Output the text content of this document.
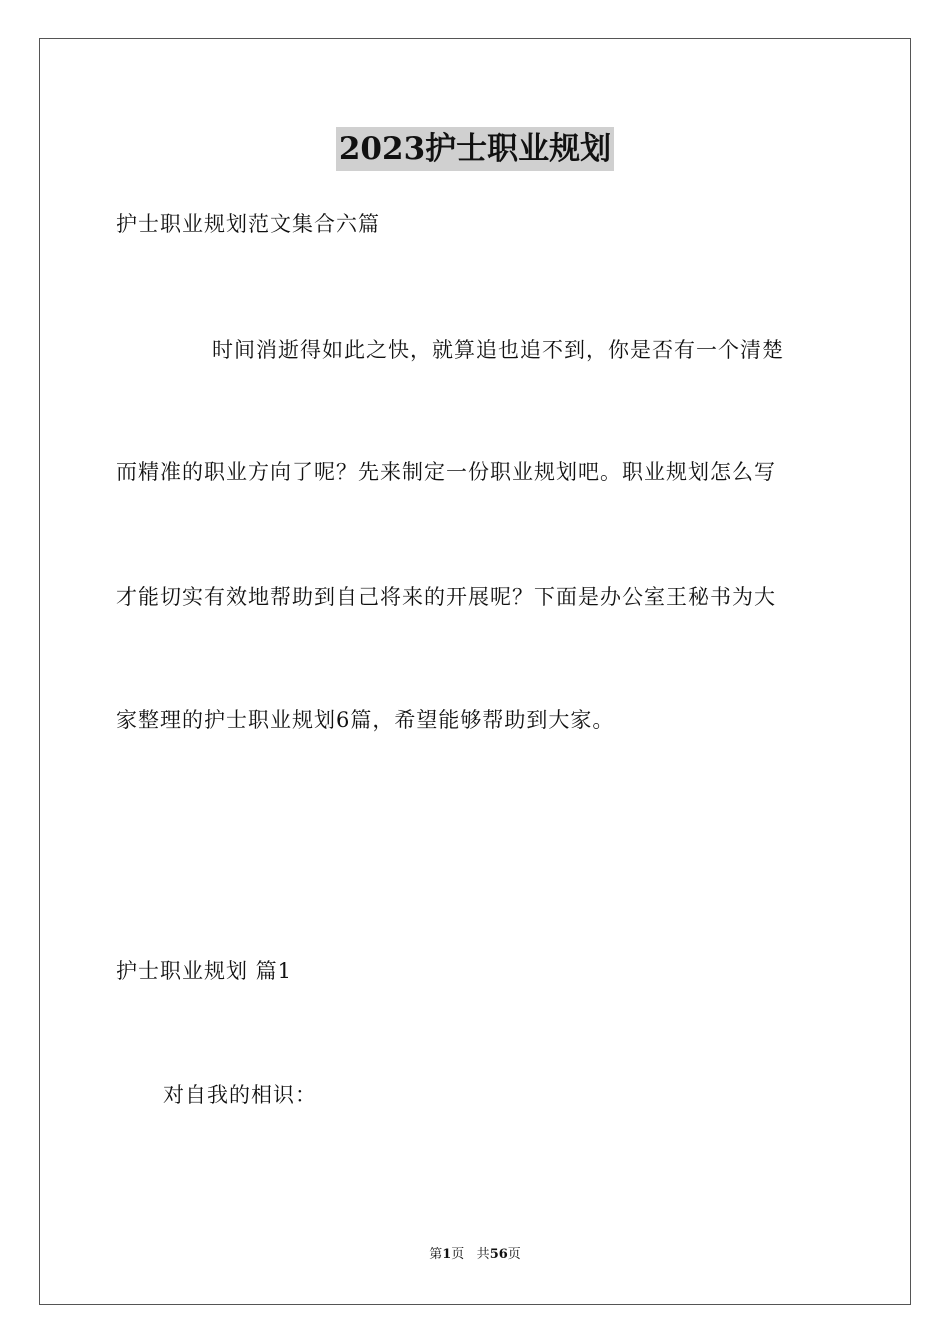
2023护士职业规划
护士职业规划范文集合六篇
时间消逝得如此之快，就算追也追不到，你是否有一个清楚
而精准的职业方向了呢？先来制定一份职业规划吧。职业规划怎么写
才能切实有效地帮助到自己将来的开展呢？下面是办公室王秘书为大
家整理的护士职业规划6篇，希望能够帮助到大家。
护士职业规划 篇1
对自我的相识：
第1页 共56页
